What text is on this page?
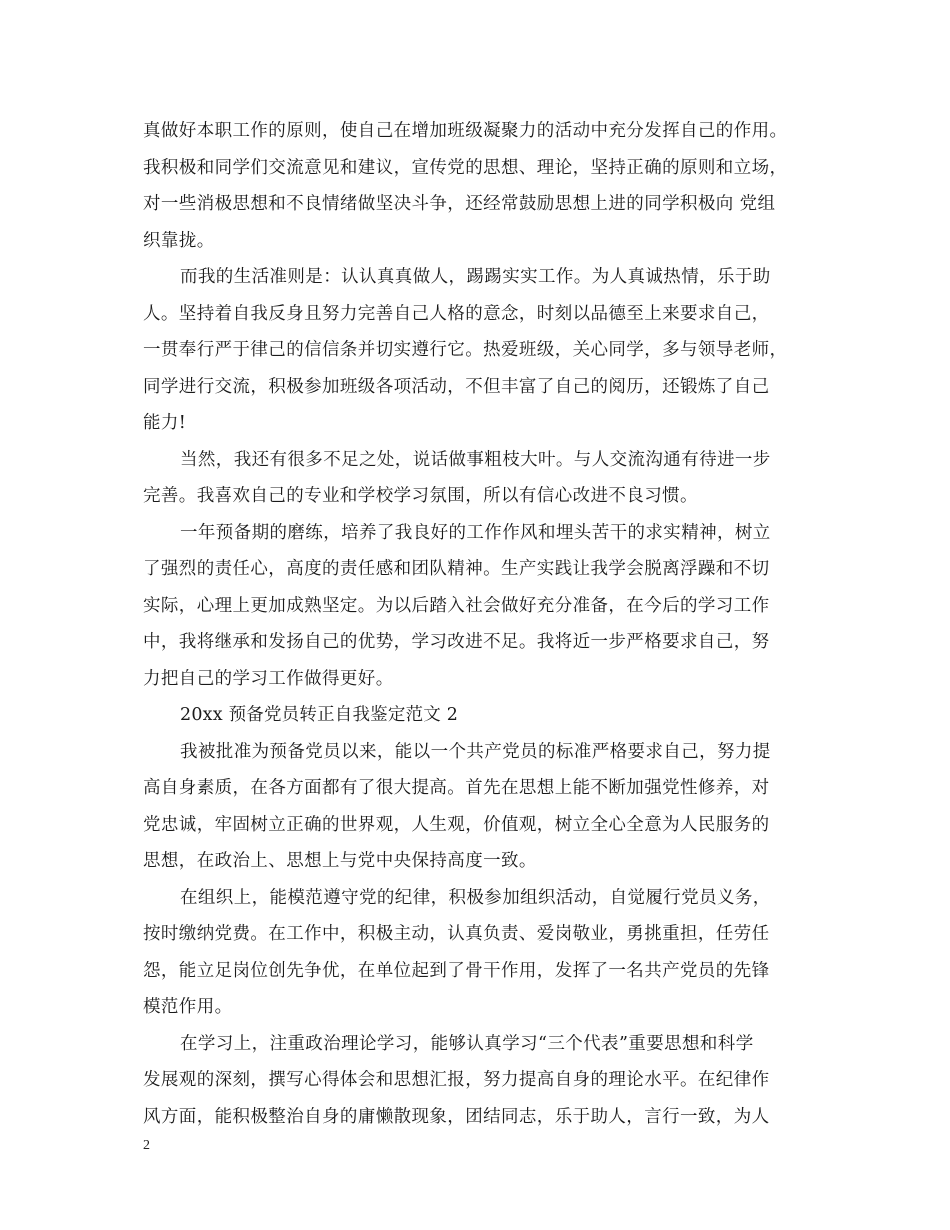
真做好本职工作的原则，使自己在增加班级凝聚力的活动中充分发挥自己的作用。
我积极和同学们交流意见和建议，宣传党的思想、理论，坚持正确的原则和立场，
对一些消极思想和不良情绪做坚决斗争，还经常鼓励思想上进的同学积极向 党组
织靠拢。
而我的生活准则是：认认真真做人，踢踢实实工作。为人真诚热情，乐于助
人。坚持着自我反身且努力完善自己人格的意念，时刻以品德至上来要求自己，
一贯奉行严于律己的信信条并切实遵行它。热爱班级，关心同学，多与领导老师，
同学进行交流，积极参加班级各项活动，不但丰富了自己的阅历，还锻炼了自己
能力!
当然，我还有很多不足之处，说话做事粗枝大叶。与人交流沟通有待进一步
完善。我喜欢自己的专业和学校学习氛围，所以有信心改进不良习惯。
一年预备期的磨练，培养了我良好的工作作风和埋头苦干的求实精神，树立
了强烈的责任心，高度的责任感和团队精神。生产实践让我学会脱离浮躁和不切
实际，心理上更加成熟坚定。为以后踏入社会做好充分准备，在今后的学习工作
中，我将继承和发扬自己的优势，学习改进不足。我将近一步严格要求自己，努
力把自己的学习工作做得更好。
20xx 预备党员转正自我鉴定范文 2
我被批准为预备党员以来，能以一个共产党员的标准严格要求自己，努力提
高自身素质，在各方面都有了很大提高。首先在思想上能不断加强党性修养，对
党忠诚，牢固树立正确的世界观，人生观，价值观，树立全心全意为人民服务的
思想，在政治上、思想上与党中央保持高度一致。
在组织上，能模范遵守党的纪律，积极参加组织活动，自觉履行党员义务，
按时缴纳党费。在工作中，积极主动，认真负责、爱岗敬业，勇挑重担，任劳任
怨，能立足岗位创先争优，在单位起到了骨干作用，发挥了一名共产党员的先锋
模范作用。
在学习上，注重政治理论学习，能够认真学习“三个代表”重要思想和科学
发展观的深刻，撰写心得体会和思想汇报，努力提高自身的理论水平。在纪律作
风方面，能积极整治自身的庸懒散现象，团结同志，乐于助人，言行一致，为人
2
